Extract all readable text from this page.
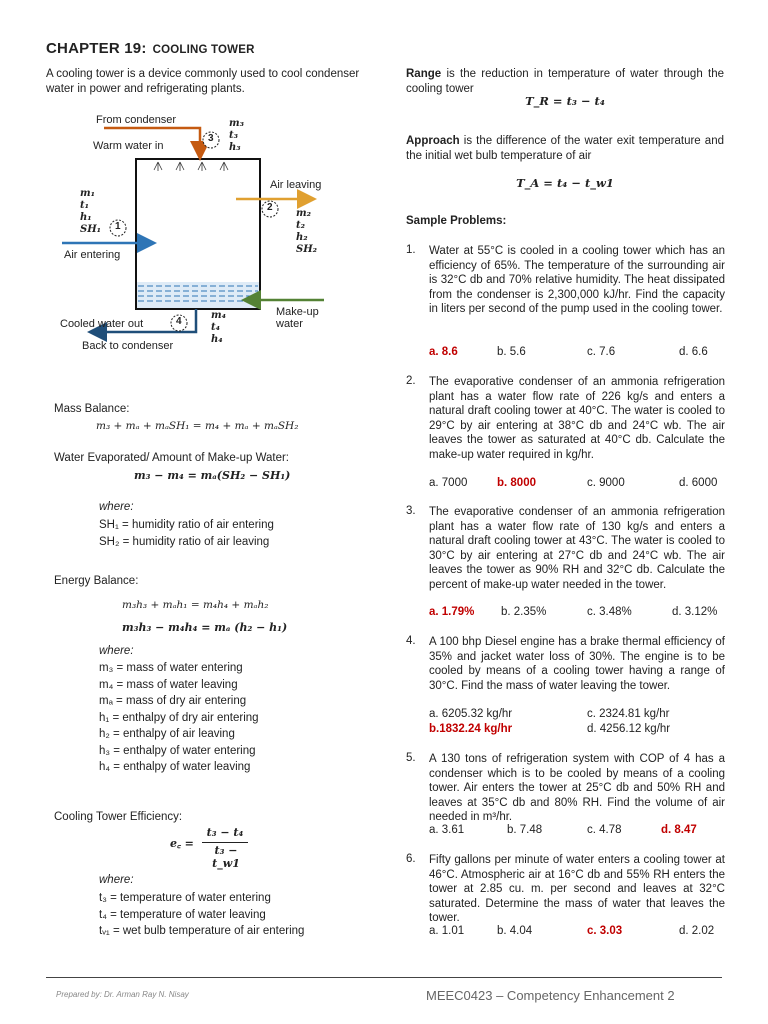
CHAPTER 19: COOLING TOWER
A cooling tower is a device commonly used to cool condenser water in power and refrigerating plants.
From condenser
Warm water in
Air leaving
Air entering
Make-up
water
Cooled water out
Back to condenser
1
2
3
4
m₁
t₁
h₁
SH₁
m₂
t₂
h₂
SH₂
m₃
t₃
h₃
m₄
t₄
h₄
Mass Balance:
m₃ + mₐ + mₐSH₁ = m₄ + mₐ + mₐSH₂
Water Evaporated/ Amount of Make-up Water:
m₃ − m₄ = mₐ(SH₂ − SH₁)
where:
SH₁ = humidity ratio of air entering
SH₂ = humidity ratio of air leaving
Energy Balance:
m₃h₃ + mₐh₁ = m₄h₄ + mₐh₂
m₃h₃ − m₄h₄ = mₐ (h₂ − h₁)
where:
m₃ = mass of water entering
m₄ = mass of water leaving
mₐ = mass of dry air entering
h₁ = enthalpy of dry air entering
h₂ = enthalpy of air leaving
h₃ = enthalpy of water entering
h₄ = enthalpy of water leaving
Cooling Tower Efficiency:
e꜀ =
t₃ − t₄
t₃ − t_w1
where:
t₃ = temperature of water entering
t₄ = temperature of water leaving
tᵥ₁ = wet bulb temperature of air entering
Range is the reduction in temperature of water through the cooling tower
T_R = t₃ − t₄
Approach is the difference of the water exit temperature and the initial wet bulb temperature of air
T_A = t₄ − t_w1
Sample Problems:
1. Water at 55°C is cooled in a cooling tower which has an efficiency of 65%. The temperature of the surrounding air is 32°C db and 70% relative humidity. The heat dissipated from the condenser is 2,300,000 kJ/hr. Find the capacity in liters per second of the pump used in the cooling tower.
a. 8.6	b. 5.6	c. 7.6	d. 6.6
2. The evaporative condenser of an ammonia refrigeration plant has a water flow rate of 226 kg/s and enters a natural draft cooling tower at 40°C. The water is cooled to 29°C by air entering at 38°C db and 24°C wb. The air leaves the tower as saturated at 40°C db. Calculate the make-up water required in kg/hr.
a. 7000	b. 8000	c. 9000	d. 6000
3. The evaporative condenser of an ammonia refrigeration plant has a water flow rate of 130 kg/s and enters a natural draft cooling tower at 43°C. The water is cooled to 30°C by air entering at 27°C db and 24°C wb. The air leaves the tower as 90% RH and 32°C db. Calculate the percent of make-up water needed in the tower.
a. 1.79% b. 2.35%	c. 3.48%	d. 3.12%
4. A 100 bhp Diesel engine has a brake thermal efficiency of 35% and jacket water loss of 30%. The engine is to be cooled by means of a cooling tower having a range of 30°C. Find the mass of water leaving the tower.
a. 6205.32 kg/hr	c. 2324.81 kg/hr
b.1832.24 kg/hr	d. 4256.12 kg/hr
5. A 130 tons of refrigeration system with COP of 4 has a condenser which is to be cooled by means of a cooling tower. Air enters the tower at 25°C db and 50% RH and leaves at 35°C db and 80% RH. Find the volume of air needed in m³/hr.
a. 3.61	b. 7.48	c. 4.78	d. 8.47
6. Fifty gallons per minute of water enters a cooling tower at 46°C. Atmospheric air at 16°C db and 55% RH enters the tower at 2.85 cu. m. per second and leaves at 32°C saturated. Determine the mass of water that leaves the tower.
a. 1.01	b. 4.04	c. 3.03	d. 2.02
Prepared by: Dr. Arman Ray N. Nisay	MEEC0423 – Competency Enhancement 2
